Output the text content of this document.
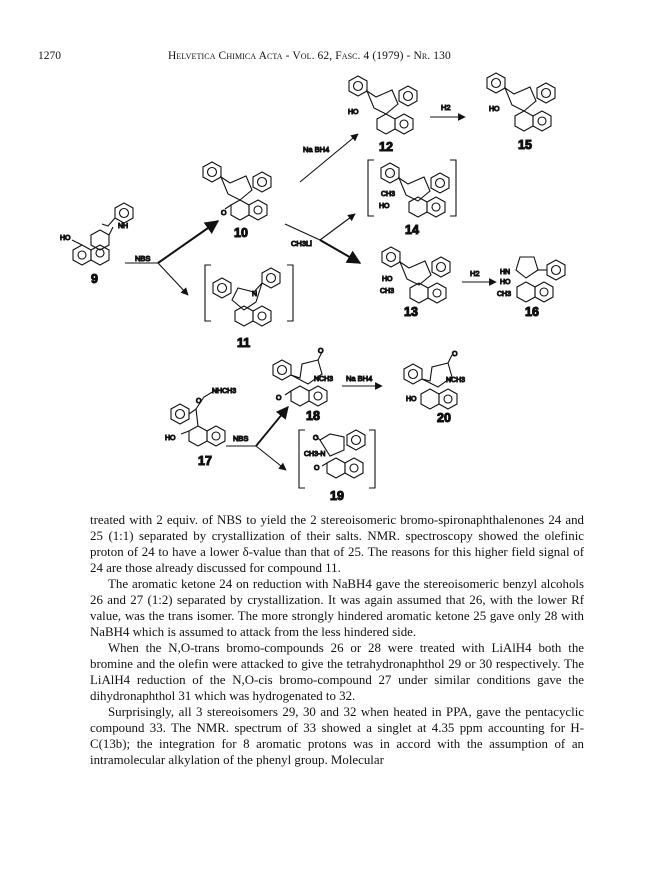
1270	Helvetica Chimica Acta - Vol. 62, Fasc. 4 (1979) - Nr. 130
NH
HO
9
NBS
O
10
N
11
Na BH4
CH3Li
HO
12
H2	HO
15
CH3
HO
14
HO
CH3
13
H2	HN
HO
CH3
16
O
NHCH3
HO
17
NBS
O
NCH3
O
18
Na BH4
O
NCH3
HO
20
O
CH3-N
O
19

treated with 2 equiv. of NBS to yield the 2 stereoisomeric bromo-spironaphthalenones 24 and 25 (1:1) separated by crystallization of their salts. NMR. spectroscopy showed the olefinic proton of 24 to have a lower δ-value than that of 25. The reasons for this higher field signal of 24 are those already discussed for compound 11.

The aromatic ketone 24 on reduction with NaBH4 gave the stereoisomeric benzyl alcohols 26 and 27 (1:2) separated by crystallization. It was again assumed that 26, with the lower Rf value, was the trans isomer. The more strongly hindered aromatic ketone 25 gave only 28 with NaBH4 which is assumed to attack from the less hindered side.

When the N,O-trans bromo-compounds 26 or 28 were treated with LiAlH4 both the bromine and the olefin were attacked to give the tetrahydronaphthol 29 or 30 respectively. The LiAlH4 reduction of the N,O-cis bromo-compound 27 under similar conditions gave the dihydronaphthol 31 which was hydrogenated to 32.

Surprisingly, all 3 stereoisomers 29, 30 and 32 when heated in PPA, gave the pentacyclic compound 33. The NMR. spectrum of 33 showed a singlet at 4.35 ppm accounting for H-C(13b); the integration for 8 aromatic protons was in accord with the assumption of an intramolecular alkylation of the phenyl group. Molecular
